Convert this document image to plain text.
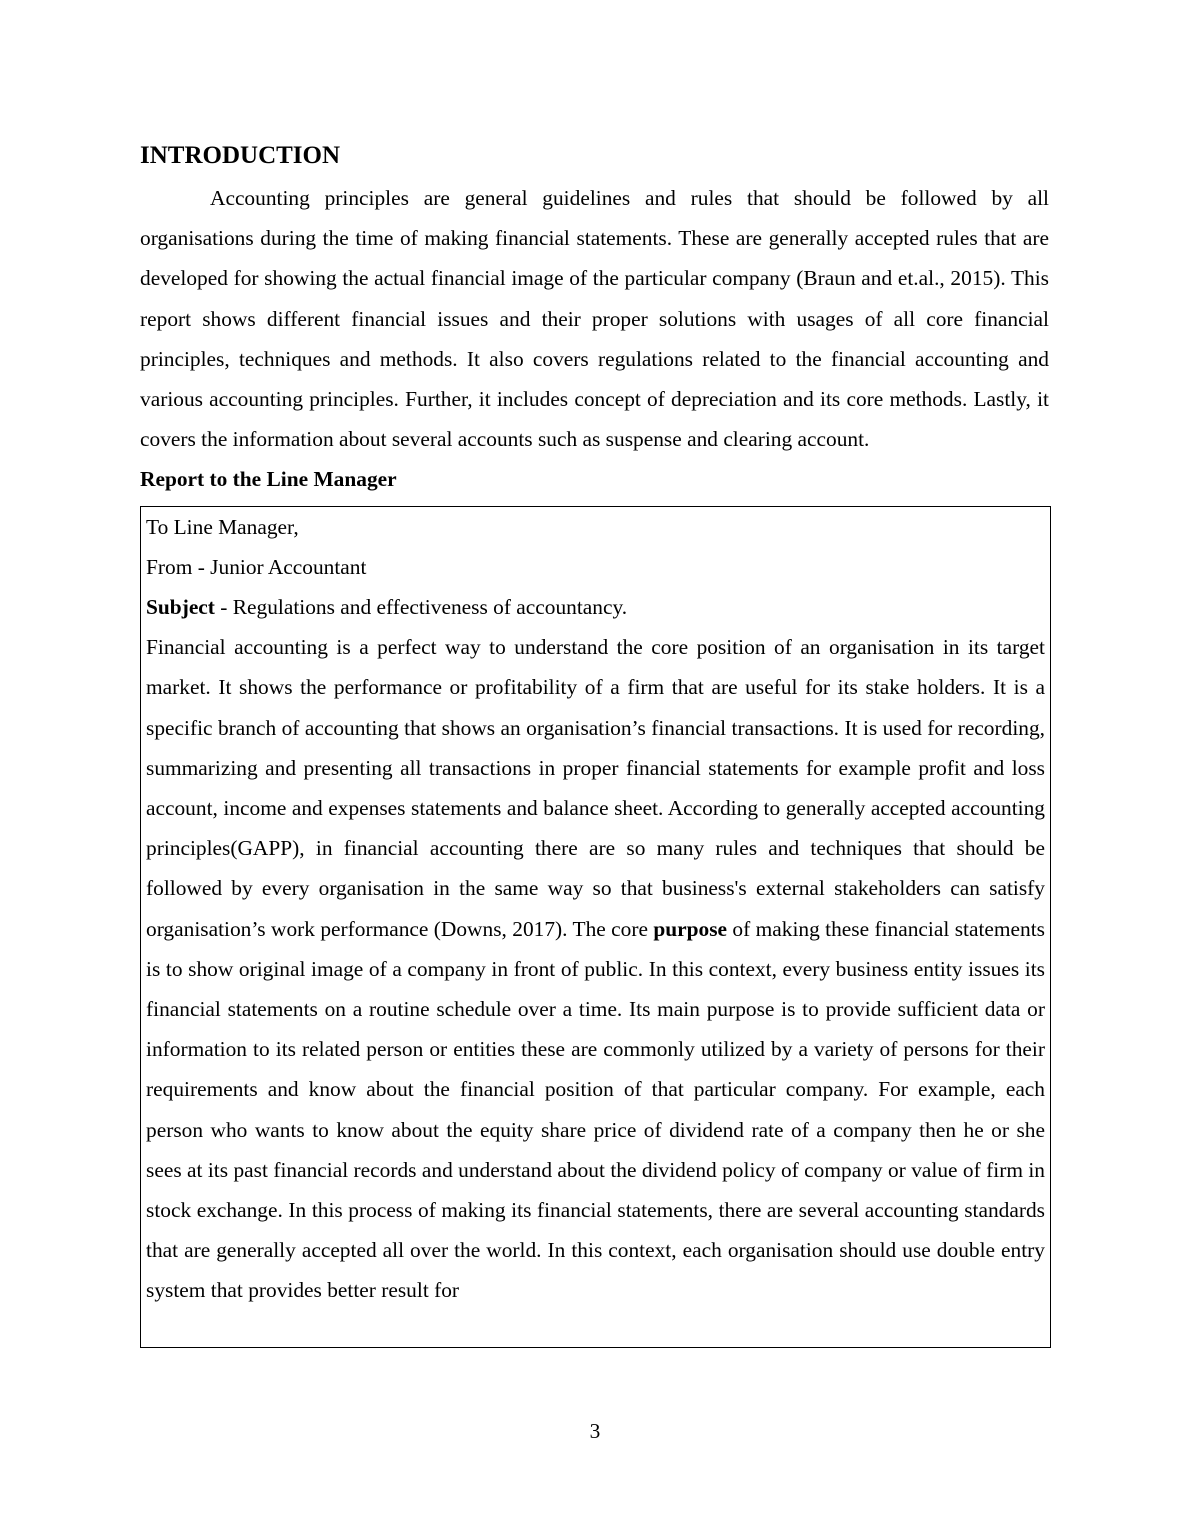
INTRODUCTION

Accounting principles are general guidelines and rules that should be followed by all organisations during the time of making financial statements. These are generally accepted rules that are developed for showing the actual financial image of the particular company (Braun and et.al., 2015). This report shows different financial issues and their proper solutions with usages of all core financial principles, techniques and methods. It also covers regulations related to the financial accounting and various accounting principles. Further, it includes concept of depreciation and its core methods. Lastly, it covers the information about several accounts such as suspense and clearing account.

Report to the Line Manager

To Line Manager,

From - Junior Accountant

Subject - Regulations and effectiveness of accountancy.

Financial accounting is a perfect way to understand the core position of an organisation in its target market. It shows the performance or profitability of a firm that are useful for its stake holders. It is a specific branch of accounting that shows an organisation’s financial transactions. It is used for recording, summarizing and presenting all transactions in proper financial statements for example profit and loss account, income and expenses statements and balance sheet. According to generally accepted accounting principles(GAPP), in financial accounting there are so many rules and techniques that should be followed by every organisation in the same way so that business's external stakeholders can satisfy organisation’s work performance (Downs, 2017). The core purpose of making these financial statements is to show original image of a company in front of public. In this context, every business entity issues its financial statements on a routine schedule over a time. Its main purpose is to provide sufficient data or information to its related person or entities these are commonly utilized by a variety of persons for their requirements and know about the financial position of that particular company. For example, each person who wants to know about the equity share price of dividend rate of a company then he or she sees at its past financial records and understand about the dividend policy of company or value of firm in stock exchange. In this process of making its financial statements, there are several accounting standards that are generally accepted all over the world. In this context, each organisation should use double entry system that provides better result for

3
